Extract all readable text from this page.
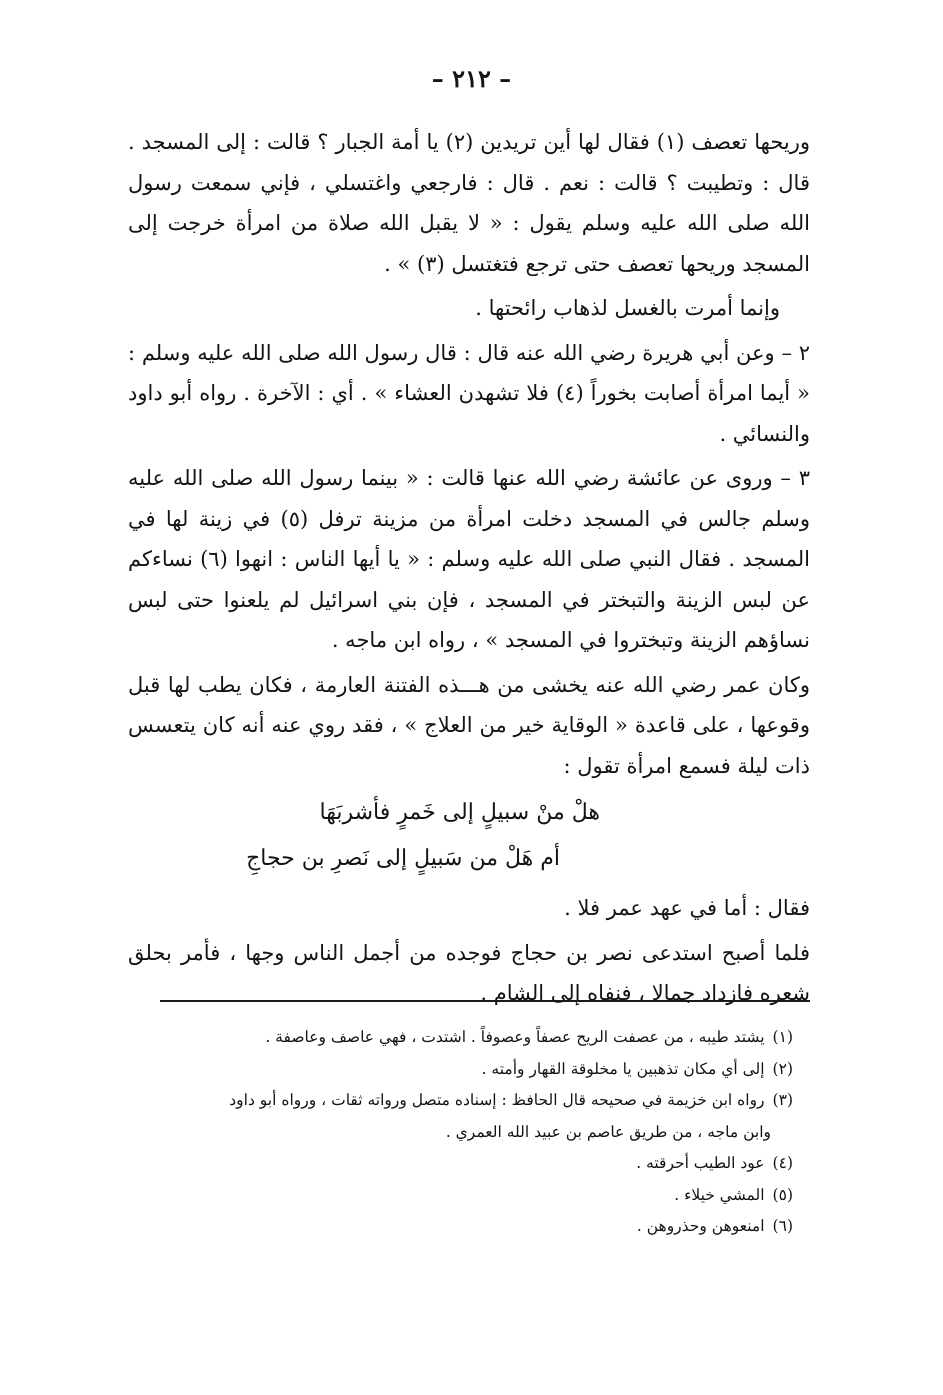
– ٢١٢ –

وريحها تعصف (١) فقال لها أين تريدين (٢) يا أمة الجبار ؟ قالت : إلى المسجد . قال : وتطيبت ؟ قالت : نعم . قال : فارجعي واغتسلي ، فإني سمعت رسول الله صلى الله عليه وسلم يقول : « لا يقبل الله صلاة من امرأة خرجت إلى المسجد وريحها تعصف حتى ترجع فتغتسل (٣) » .

وإنما أمرت بالغسل لذهاب رائحتها .

٢ – وعن أبي هريرة رضي الله عنه قال : قال رسول الله صلى الله عليه وسلم : « أيما امرأة أصابت بخوراً (٤) فلا تشهدن العشاء » . أي : الآخرة . رواه أبو داود والنسائي .

٣ – وروى عن عائشة رضي الله عنها قالت : « بينما رسول الله صلى الله عليه وسلم جالس في المسجد دخلت امرأة من مزينة ترفل (٥) في زينة لها في المسجد . فقال النبي صلى الله عليه وسلم : « يا أيها الناس : انهوا (٦) نساءكم عن لبس الزينة والتبختر في المسجد ، فإن بني اسرائيل لم يلعنوا حتى لبس نساؤهم الزينة وتبختروا في المسجد » ، رواه ابن ماجه .

وكان عمر رضي الله عنه يخشى من هـــذه الفتنة العارمة ، فكان يطب لها قبل وقوعها ، على قاعدة « الوقاية خير من العلاج » ، فقد روي عنه أنه كان يتعسس ذات ليلة فسمع امرأة تقول :

هلْ منْ سبيلٍ إلى خَمرٍ فأشربَهَا
أم هَلْ من سَبيلٍ إلى نَصرِ بن حجاجِ

فقال : أما في عهد عمر فلا .

فلما أصبح استدعى نصر بن حجاج فوجده من أجمل الناس وجها ، فأمر بحلق شعره فازداد جمالا ، فنفاه إلى الشام .

(١)يشتد طيبه ، من عصفت الريح عصفاً وعصوفاً . اشتدت ، فهي عاصف وعاصفة .
(٢)إلى أي مكان تذهبين يا مخلوقة القهار وأمته .
(٣)رواه ابن خزيمة في صحيحه قال الحافظ : إسناده متصل ورواته ثقات ، ورواه أبو داود
وابن ماجه ، من طريق عاصم بن عبيد الله العمري .
(٤)عود الطيب أحرقته .
(٥)المشي خيلاء .
(٦)امنعوهن وحذروهن .
